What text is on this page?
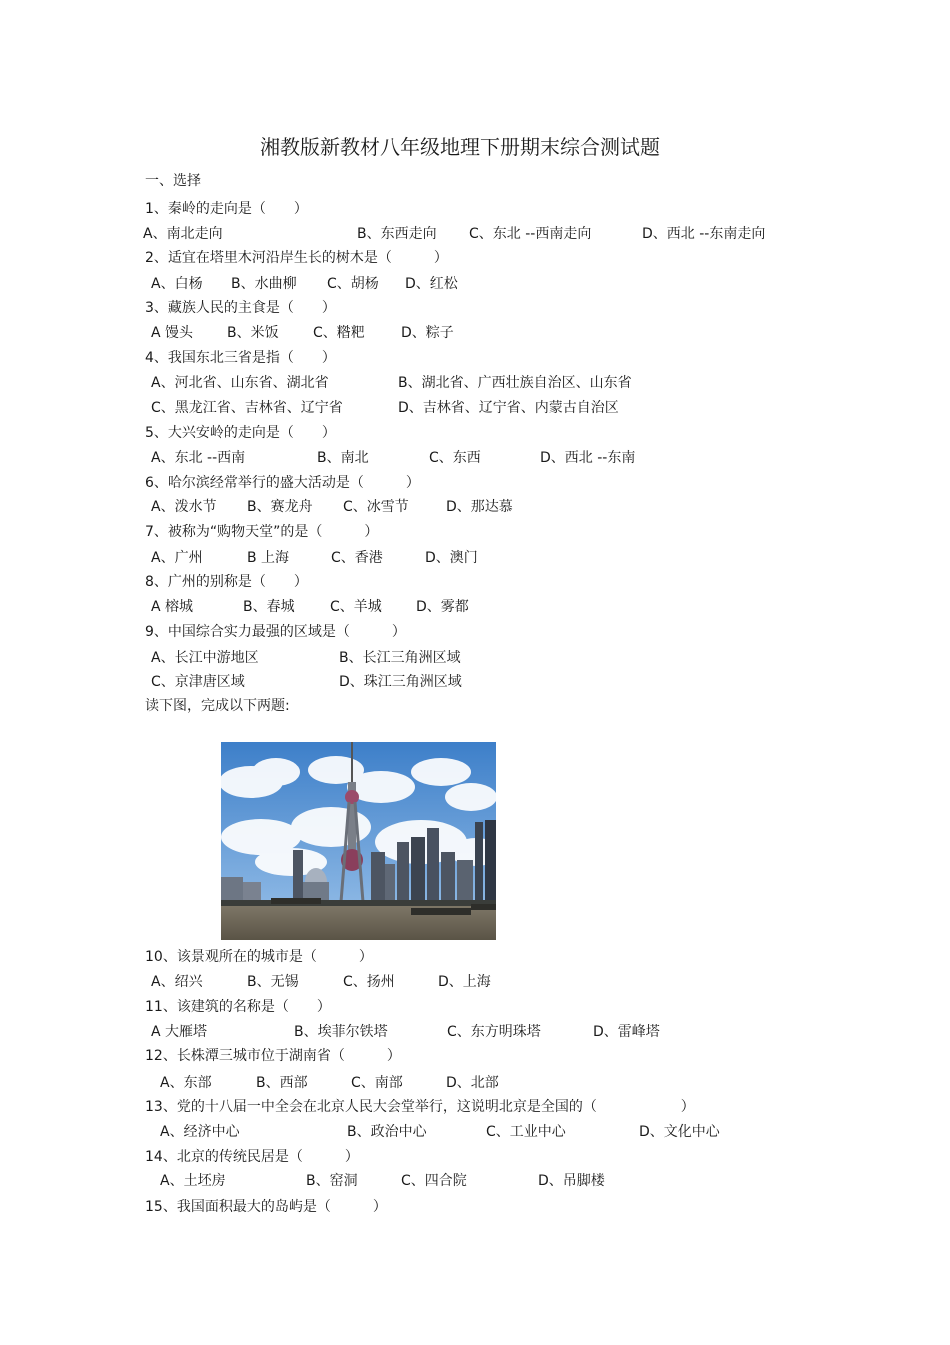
湘教版新教材八年级地理下册期末综合测试题
一、选择
1、秦岭的走向是（　　）
A、南北走向	B、东西走向 C、东北 --西南走向	D、西北 --东南走向
2、适宜在塔里木河沿岸生长的树木是（　　　）
A、白杨 B、水曲柳 C、胡杨 D、红松
3、藏族人民的主食是（　　）
A 馒头 B、米饭 C、糌粑	D、粽子
4、我国东北三省是指（　　）
A、河北省、山东省、湖北省	B、湖北省、广西壮族自治区、山东省
C、黑龙江省、吉林省、辽宁省	D、吉林省、辽宁省、内蒙古自治区
5、大兴安岭的走向是（　　）
A、东北 --西南	B、南北	C、东西	D、西北 --东南
6、哈尔滨经常举行的盛大活动是（　　　）
A、泼水节 B、赛龙舟 C、冰雪节	D、那达慕
7、被称为“购物天堂”的是（　　　）
A、广州	B 上海	C、香港	D、澳门
8、广州的别称是（　　）
A 榕城	B、春城	C、羊城 D、雾都
9、中国综合实力最强的区域是（　　　）
A、长江中游地区	B、长江三角洲区域
C、京津唐区域	D、珠江三角洲区域
读下图，完成以下两题:
10、该景观所在的城市是（　　　）
A、绍兴	B、无锡	C、扬州	D、上海
11、该建筑的名称是（　　）
A 大雁塔	B、埃菲尔铁塔	C、东方明珠塔	D、雷峰塔
12、长株潭三城市位于湖南省（　　　）
A、东部	B、西部	C、南部	D、北部
13、党的十八届一中全会在北京人民大会堂举行，这说明北京是全国的（　　　　　　）
A、经济中心	B、政治中心	C、工业中心	D、文化中心
14、北京的传统民居是（　　　）
A、土坯房	B、窑洞	C、四合院	D、吊脚楼
15、我国面积最大的岛屿是（　　　）
